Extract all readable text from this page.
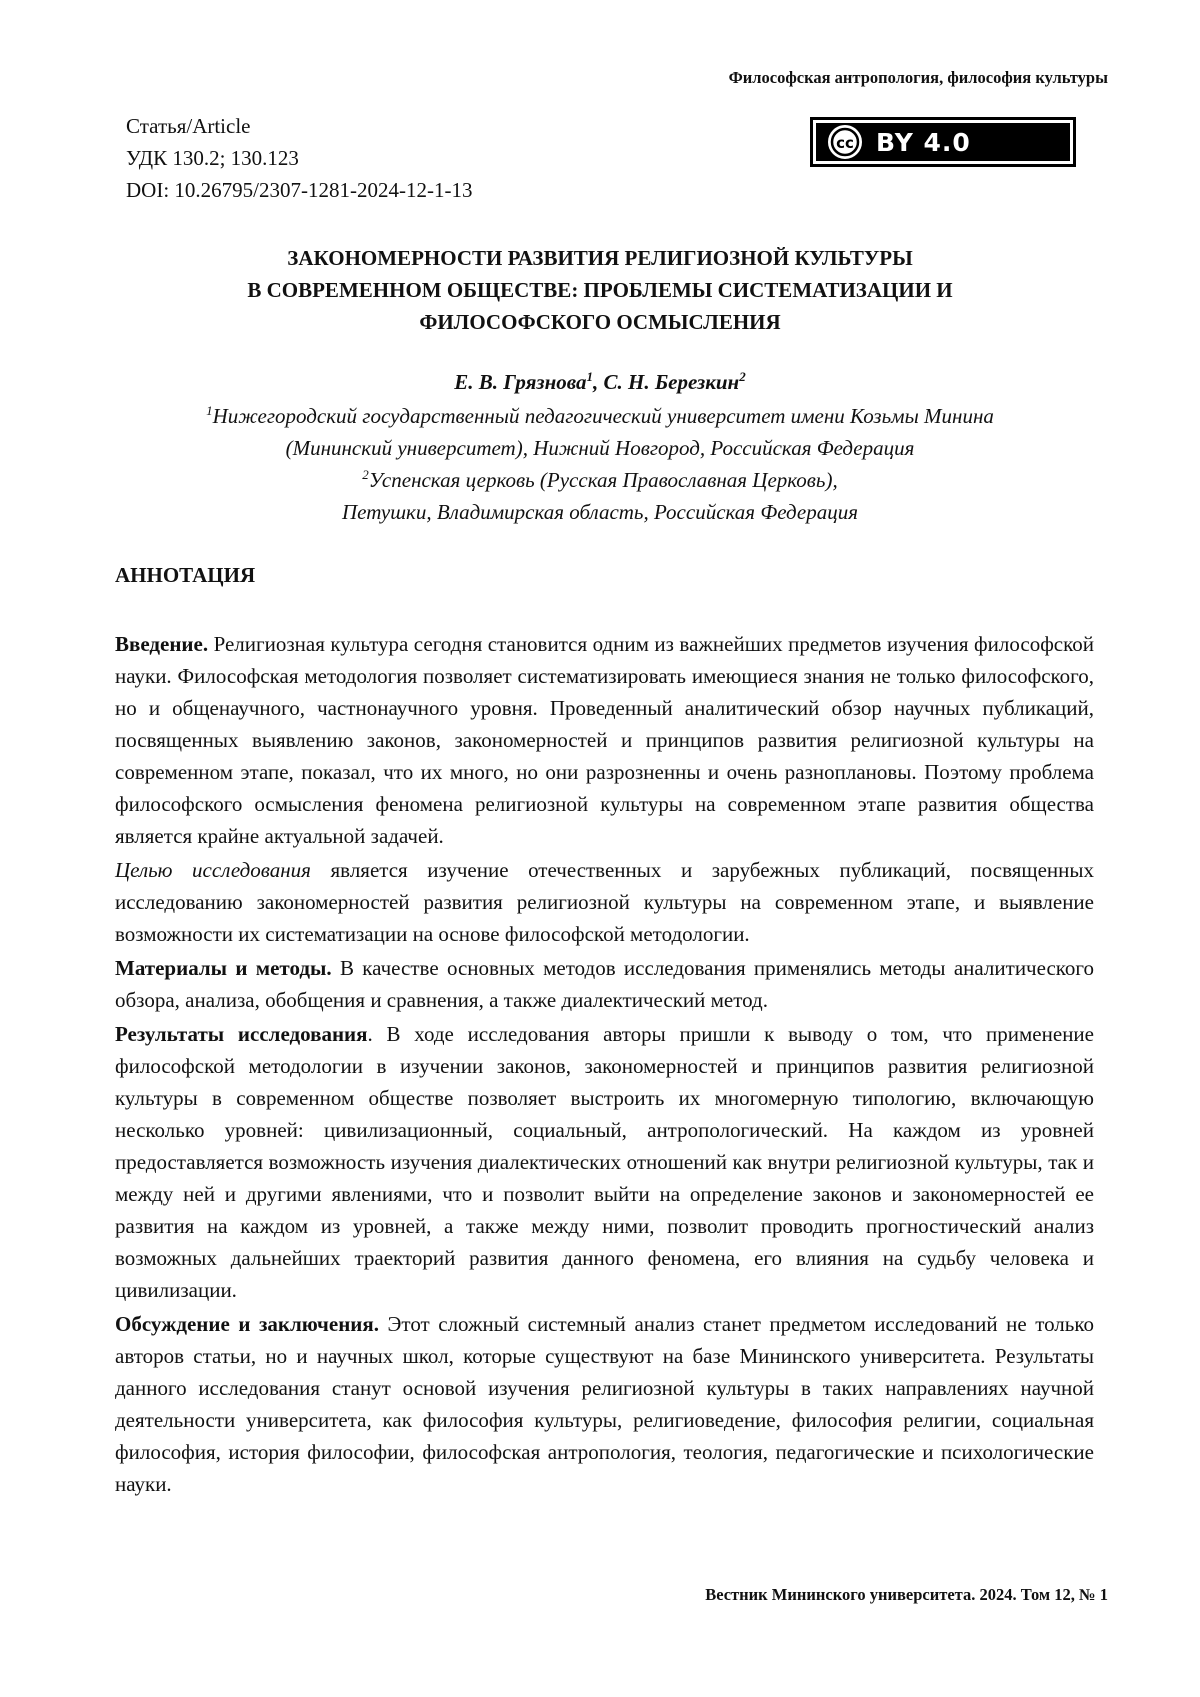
Философская антропология, философия культуры
Статья/Article
УДК 130.2; 130.123
DOI: 10.26795/2307-1281-2024-12-1-13
cc BY 4.0
ЗАКОНОМЕРНОСТИ РАЗВИТИЯ РЕЛИГИОЗНОЙ КУЛЬТУРЫ
В СОВРЕМЕННОМ ОБЩЕСТВЕ: ПРОБЛЕМЫ СИСТЕМАТИЗАЦИИ И
ФИЛОСОФСКОГО ОСМЫСЛЕНИЯ
Е. В. Грязнова1, С. Н. Березкин2
1Нижегородский государственный педагогический университет имени Козьмы Минина
(Мининский университет), Нижний Новгород, Российская Федерация
2Успенская церковь (Русская Православная Церковь),
Петушки, Владимирская область, Российская Федерация
АННОТАЦИЯ

Введение. Религиозная культура сегодня становится одним из важнейших предметов изучения философской науки. Философская методология позволяет систематизировать имеющиеся знания не только философского, но и общенаучного, частнонаучного уровня. Проведенный аналитический обзор научных публикаций, посвященных выявлению законов, закономерностей и принципов развития религиозной культуры на современном этапе, показал, что их много, но они разрозненны и очень разноплановы. Поэтому проблема философского осмысления феномена религиозной культуры на современном этапе развития общества является крайне актуальной задачей.

Целью исследования является изучение отечественных и зарубежных публикаций, посвященных исследованию закономерностей развития религиозной культуры на современном этапе, и выявление возможности их систематизации на основе философской методологии.

Материалы и методы. В качестве основных методов исследования применялись методы аналитического обзора, анализа, обобщения и сравнения, а также диалектический метод.

Результаты исследования. В ходе исследования авторы пришли к выводу о том, что применение философской методологии в изучении законов, закономерностей и принципов развития религиозной культуры в современном обществе позволяет выстроить их многомерную типологию, включающую несколько уровней: цивилизационный, социальный, антропологический. На каждом из уровней предоставляется возможность изучения диалектических отношений как внутри религиозной культуры, так и между ней и другими явлениями, что и позволит выйти на определение законов и закономерностей ее развития на каждом из уровней, а также между ними, позволит проводить прогностический анализ возможных дальнейших траекторий развития данного феномена, его влияния на судьбу человека и цивилизации.

Обсуждение и заключения. Этот сложный системный анализ станет предметом исследований не только авторов статьи, но и научных школ, которые существуют на базе Мининского университета. Результаты данного исследования станут основой изучения религиозной культуры в таких направлениях научной деятельности университета, как философия культуры, религиоведение, философия религии, социальная философия, история философии, философская антропология, теология, педагогические и психологические науки.

Вестник Мининского университета. 2024. Том 12, № 1
